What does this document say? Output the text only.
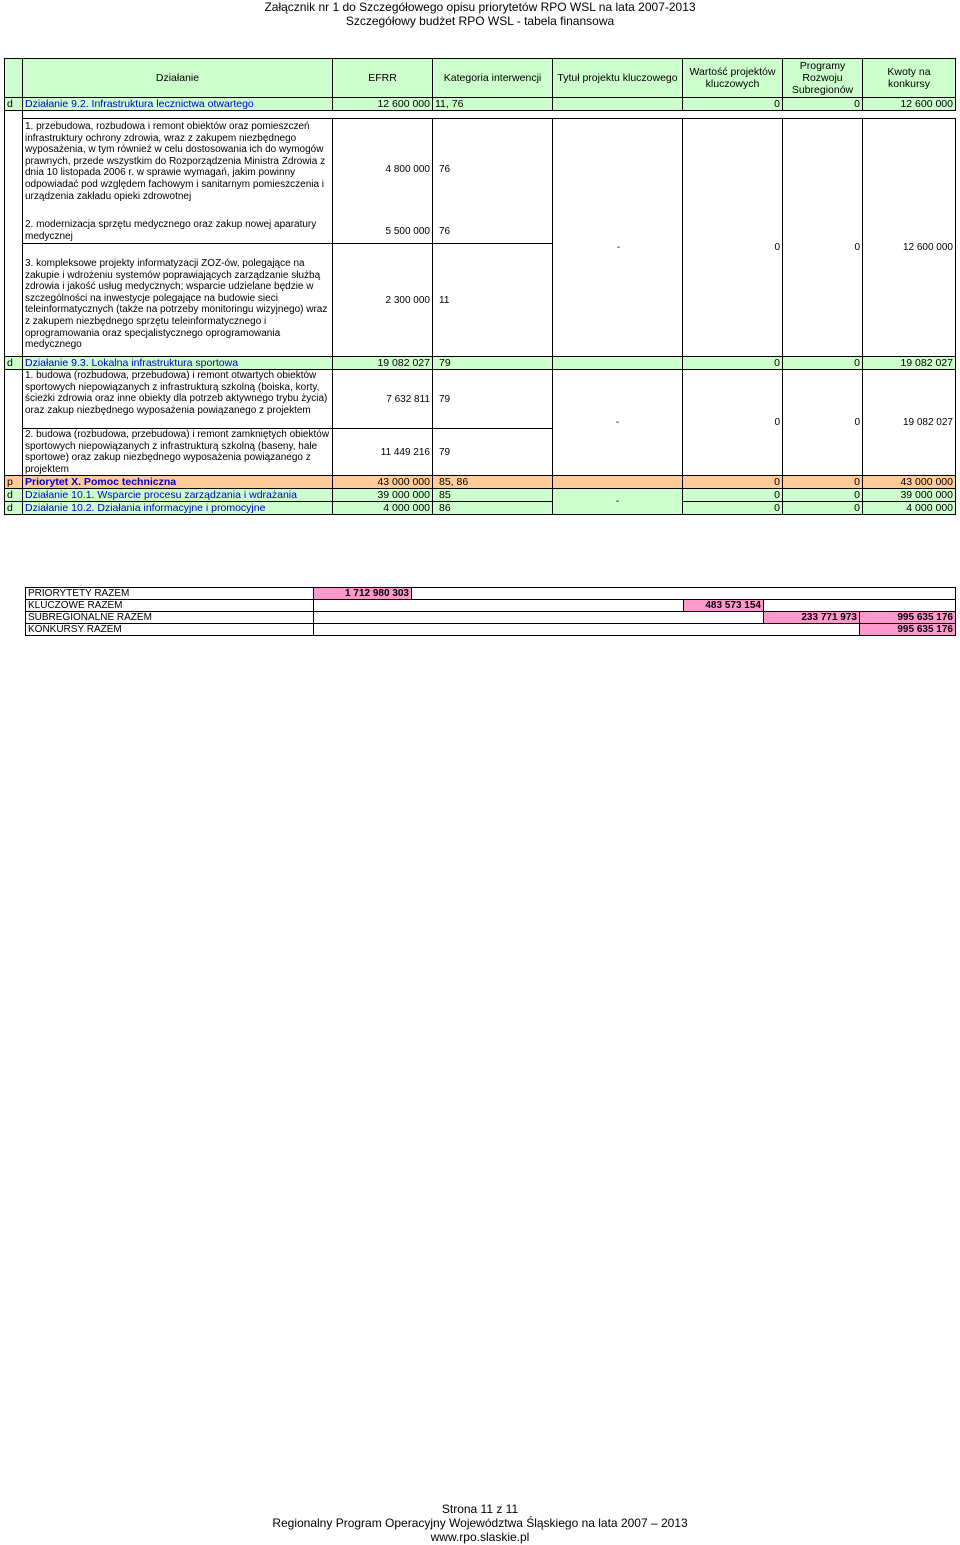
Załącznik nr 1 do Szczegółowego opisu priorytetów RPO WSL na lata 2007-2013
Szczegółowy budżet RPO WSL - tabela finansowa
	Działanie	EFRR	Kategoria interwencji	Tytuł projektu kluczowego	Wartość projektów kluczowych	Programy Rozwoju Subregionów	Kwoty na konkursy
d	Działanie 9.2. Infrastruktura lecznictwa otwartego	12 600 000	11, 76		0	0	12 600 000

	1. przebudowa, rozbudowa i remont obiektów oraz pomieszczeń infrastruktury ochrony zdrowia, wraz z zakupem niezbędnego wyposażenia, w tym również w celu dostosowania ich do wymogów prawnych, przede wszystkim do Rozporządzenia Ministra Zdrowia z dnia 10 listopada 2006 r. w sprawie wymagań, jakim powinny odpowiadać pod względem fachowym i sanitarnym pomieszczenia i urządzenia zakładu opieki zdrowotnej	4 800 000	76	-	0	0	12 600 000

	2. modernizacja sprzętu medycznego oraz zakup nowej aparatury medycznej	5 500 000	76				
	3. kompleksowe projekty informatyzacji ZOZ-ów, polegające na zakupie i wdrożeniu systemów poprawiających zarządzanie służbą zdrowia i jakość usług medycznych; wsparcie udzielane będzie w szczególności na inwestycje polegające na budowie sieci teleinformatycznych (także na potrzeby monitoringu wizyjnego) wraz z zakupem niezbędnego sprzętu teleinformatycznego i oprogramowania oraz specjalistycznego oprogramowania medycznego	2 300 000	11				
d	Działanie 9.3. Lokalna infrastruktura sportowa	19 082 027	79		0	0	19 082 027
	1. budowa (rozbudowa, przebudowa) i remont otwartych obiektów sportowych niepowiązanych z infrastrukturą szkolną (boiska, korty, ścieżki zdrowia oraz inne obiekty dla potrzeb aktywnego trybu życia) oraz zakup niezbędnego wyposażenia powiązanego z projektem	7 632 811	79	-	0	0	19 082 027
	2. budowa (rozbudowa, przebudowa) i remont zamkniętych obiektów sportowych niepowiązanych z infrastrukturą szkolną (baseny, hale sportowe) oraz zakup niezbędnego wyposażenia powiązanego z projektem	11 449 216	79				
p	Priorytet X. Pomoc techniczna	43 000 000	85, 86		0	0	43 000 000
d	Działanie 10.1. Wsparcie procesu zarządzania i wdrażania	39 000 000	85	-	0	0	39 000 000
d	Działanie 10.2. Działania informacyjne i promocyjne	4 000 000	86		0	0	4 000 000
PRIORYTETY RAZEM	1 712 980 303				
KLUCZOWE RAZEM			483 573 154		
SUBREGIONALNE RAZEM				233 771 973	995 635 176
KONKURSY RAZEM					995 635 176
Strona 11 z 11
Regionalny Program Operacyjny Województwa Śląskiego na lata 2007 – 2013
www.rpo.slaskie.pl
